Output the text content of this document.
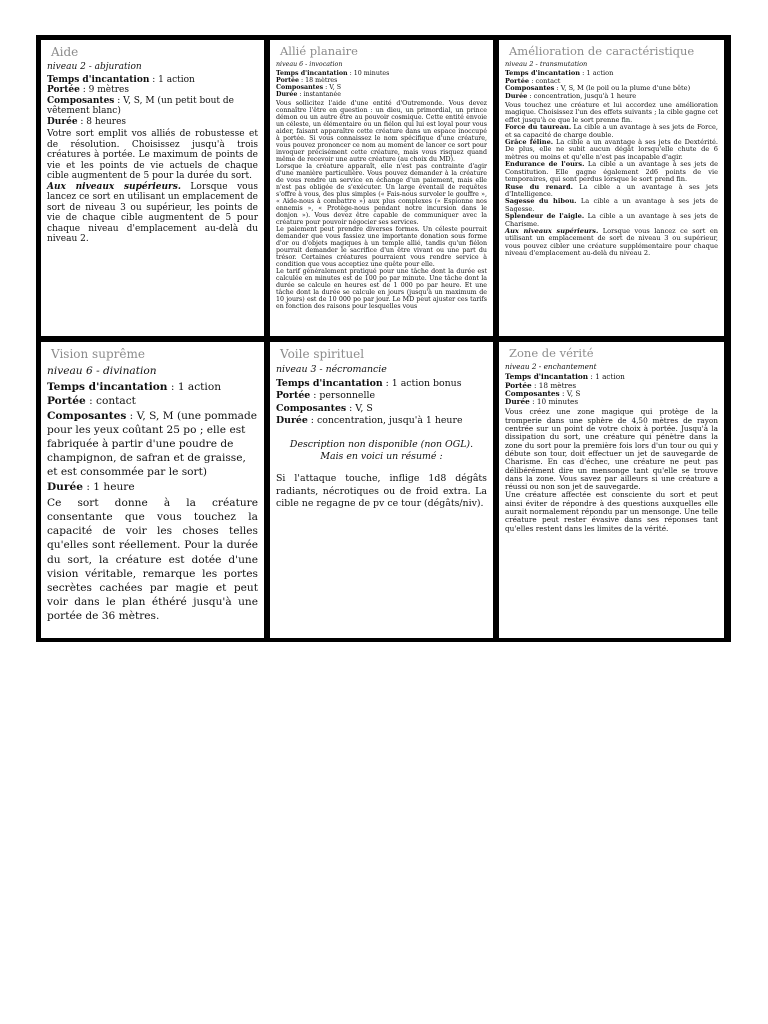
Aide
niveau 2 - abjuration
Temps d'incantation : 1 action
Portée : 9 mètres
Composantes : V, S, M (un petit bout de vêtement blanc)
Durée : 8 heures

Votre sort emplit vos alliés de robustesse et de résolution. Choisissez jusqu'à trois créatures à portée. Le maximum de points de vie et les points de vie actuels de chaque cible augmentent de 5 pour la durée du sort.

Aux niveaux supérieurs. Lorsque vous lancez ce sort en utilisant un emplacement de sort de niveau 3 ou supérieur, les points de vie de chaque cible augmentent de 5 pour chaque niveau d'emplacement au-delà du niveau 2.

Allié planaire
niveau 6 - invocation
Temps d'incantation : 10 minutes
Portée : 18 mètres
Composantes : V, S
Durée : instantanée

Vous sollicitez l'aide d'une entité d'Outremonde. Vous devez connaître l'être en question : un dieu, un primordial, un prince démon ou un autre être au pouvoir cosmique. Cette entité envoie un céleste, un élémentaire ou un fiélon qui lui est loyal pour vous aider, faisant apparaître cette créature dans un espace inoccupé à portée. Si vous connaissez le nom spécifique d'une créature, vous pouvez prononcer ce nom au moment de lancer ce sort pour invoquer précisément cette créature, mais vous risquez quand même de recevoir une autre créature (au choix du MD).

Lorsque la créature apparaît, elle n'est pas contrainte d'agir d'une manière particulière. Vous pouvez demander à la créature de vous rendre un service en échange d'un paiement, mais elle n'est pas obligée de s'exécuter. Un large éventail de requêtes s'offre à vous, des plus simples (« Fais-nous survoler le gouffre », « Aide-nous à combattre ») aux plus complexes (« Espionne nos ennemis », « Protège-nous pendant notre incursion dans le donjon »). Vous devez être capable de communiquer avec la créature pour pouvoir négocier ses services.

Le paiement peut prendre diverses formes. Un céleste pourrait demander que vous fassiez une importante donation sous forme d'or ou d'objets magiques à un temple allié, tandis qu'un fiélon pourrait demander le sacrifice d'un être vivant ou une part du trésor. Certaines créatures pourraient vous rendre service à condition que vous acceptiez une quête pour elle.

Le tarif généralement pratiqué pour une tâche dont la durée est calculée en minutes est de 100 po par minute. Une tâche dont la durée se calcule en heures est de 1 000 po par heure. Et une tâche dont la durée se calcule en jours (jusqu'à un maximum de 10 jours) est de 10 000 po par jour. Le MD peut ajuster ces tarifs en fonction des raisons pour lesquelles vous

Amélioration de caractéristique
niveau 2 - transmutation
Temps d'incantation : 1 action
Portée : contact
Composantes : V, S, M (le poil ou la plume d'une bête)
Durée : concentration, jusqu'à 1 heure

Vous touchez une créature et lui accordez une amélioration magique. Choisissez l'un des effets suivants ; la cible gagne cet effet jusqu'à ce que le sort prenne fin.

Force du taureau. La cible a un avantage à ses jets de Force, et sa capacité de charge double.

Grâce féline. La cible a un avantage à ses jets de Dextérité. De plus, elle ne subit aucun dégât lorsqu'elle chute de 6 mètres ou moins et qu'elle n'est pas incapable d'agir.

Endurance de l'ours. La cible a un avantage à ses jets de Constitution. Elle gagne également 2d6 points de vie temporaires, qui sont perdus lorsque le sort prend fin.

Ruse du renard. La cible a un avantage à ses jets d'Intelligence.

Sagesse du hibou. La cible a un avantage à ses jets de Sagesse.

Splendeur de l'aigle. La cible a un avantage à ses jets de Charisme.

Aux niveaux supérieurs. Lorsque vous lancez ce sort en utilisant un emplacement de sort de niveau 3 ou supérieur, vous pouvez cibler une créature supplémentaire pour chaque niveau d'emplacement au-delà du niveau 2.

Vision suprême
niveau 6 - divination
Temps d'incantation : 1 action
Portée : contact
Composantes : V, S, M (une pommade pour les yeux coûtant 25 po ; elle est fabriquée à partir d'une poudre de champignon, de safran et de graisse, et est consommée par le sort)
Durée : 1 heure

Ce sort donne à la créature consentante que vous touchez la capacité de voir les choses telles qu'elles sont réellement. Pour la durée du sort, la créature est dotée d'une vision véritable, remarque les portes secrètes cachées par magie et peut voir dans le plan éthéré jusqu'à une portée de 36 mètres.

Voile spirituel
niveau 3 - nécromancie
Temps d'incantation : 1 action bonus
Portée : personnelle
Composantes : V, S
Durée : concentration, jusqu'à 1 heure
Description non disponible (non OGL).
Mais en voici un résumé :

Si l'attaque touche, inflige 1d8 dégâts radiants, nécrotiques ou de froid extra. La cible ne regagne de pv ce tour (dégâts/niv).

Zone de vérité
niveau 2 - enchantement
Temps d'incantation : 1 action
Portée : 18 mètres
Composantes : V, S
Durée : 10 minutes

Vous créez une zone magique qui protège de la tromperie dans une sphère de 4,50 mètres de rayon centrée sur un point de votre choix à portée. Jusqu'à la dissipation du sort, une créature qui pénètre dans la zone du sort pour la première fois lors d'un tour ou qui y débute son tour, doit effectuer un jet de sauvegarde de Charisme. En cas d'échec, une créature ne peut pas délibérément dire un mensonge tant qu'elle se trouve dans la zone. Vous savez par ailleurs si une créature a réussi ou non son jet de sauvegarde.

Une créature affectée est consciente du sort et peut ainsi éviter de répondre à des questions auxquelles elle aurait normalement répondu par un mensonge. Une telle créature peut rester évasive dans ses réponses tant qu'elles restent dans les limites de la vérité.
